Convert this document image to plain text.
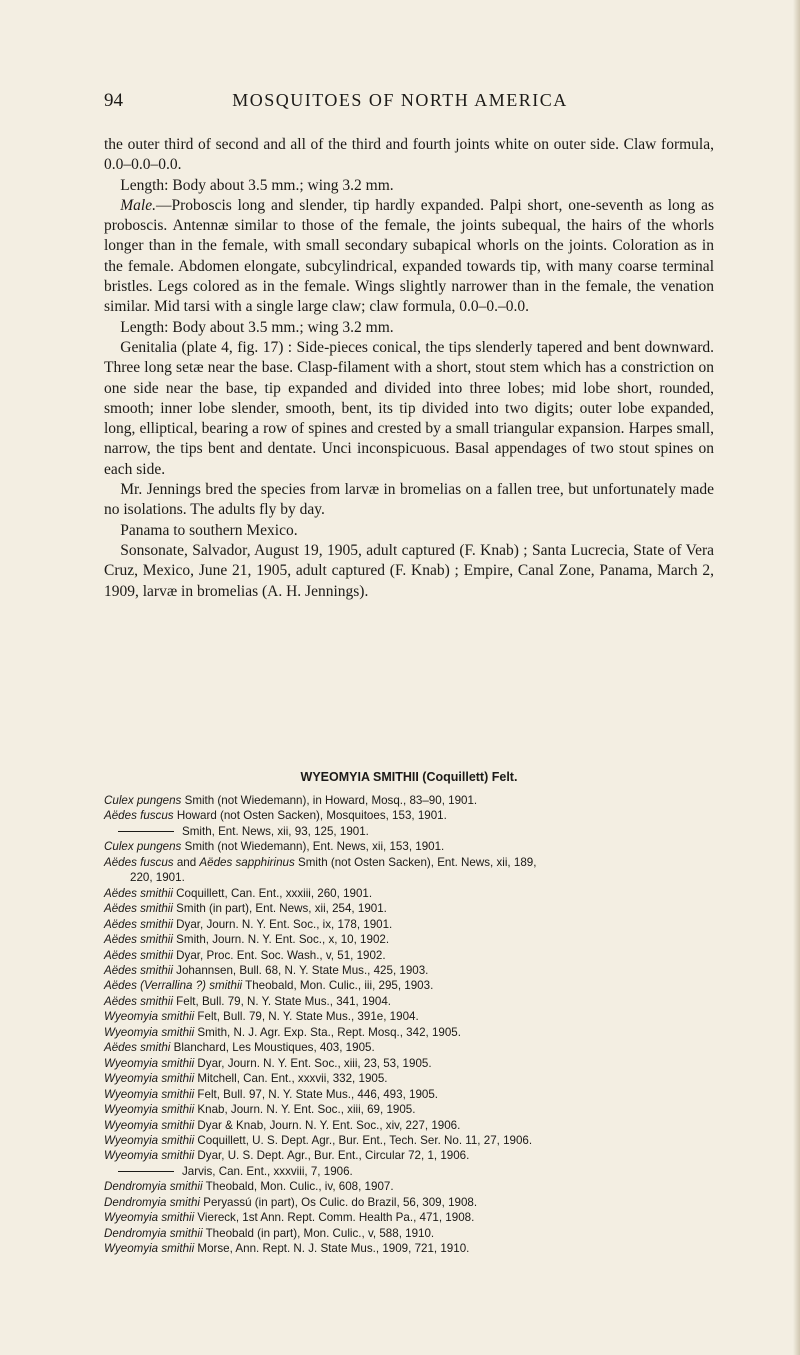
MOSQUITOES OF NORTH AMERICA
94

the outer third of second and all of the third and fourth joints white on outer side. Claw formula, 0.0–0.0–0.0.

Length: Body about 3.5 mm.; wing 3.2 mm.

Male.—Proboscis long and slender, tip hardly expanded. Palpi short, one-seventh as long as proboscis. Antennæ similar to those of the female, the joints subequal, the hairs of the whorls longer than in the female, with small secondary subapical whorls on the joints. Coloration as in the female. Abdomen elongate, subcylindrical, expanded towards tip, with many coarse terminal bristles. Legs colored as in the female. Wings slightly narrower than in the female, the venation similar. Mid tarsi with a single large claw; claw formula, 0.0–0.–0.0.

Length: Body about 3.5 mm.; wing 3.2 mm.

Genitalia (plate 4, fig. 17) : Side-pieces conical, the tips slenderly tapered and bent downward. Three long setæ near the base. Clasp-filament with a short, stout stem which has a constriction on one side near the base, tip expanded and divided into three lobes; mid lobe short, rounded, smooth; inner lobe slender, smooth, bent, its tip divided into two digits; outer lobe expanded, long, elliptical, bearing a row of spines and crested by a small triangular expansion. Harpes small, narrow, the tips bent and dentate. Unci inconspicuous. Basal appendages of two stout spines on each side.

Mr. Jennings bred the species from larvæ in bromelias on a fallen tree, but unfortunately made no isolations. The adults fly by day.

Panama to southern Mexico.

Sonsonate, Salvador, August 19, 1905, adult captured (F. Knab) ; Santa Lucrecia, State of Vera Cruz, Mexico, June 21, 1905, adult captured (F. Knab) ; Empire, Canal Zone, Panama, March 2, 1909, larvæ in bromelias (A. H. Jennings).

WYEOMYIA SMITHII (Coquillett) Felt.
Culex pungens Smith (not Wiedemann), in Howard, Mosq., 83–90, 1901.
Aëdes fuscus Howard (not Osten Sacken), Mosquitoes, 153, 1901.
Smith, Ent. News, xii, 93, 125, 1901.
Culex pungens Smith (not Wiedemann), Ent. News, xii, 153, 1901.
Aëdes fuscus and Aëdes sapphirinus Smith (not Osten Sacken), Ent. News, xii, 189,
220, 1901.
Aëdes smithii Coquillett, Can. Ent., xxxiii, 260, 1901.
Aëdes smithii Smith (in part), Ent. News, xii, 254, 1901.
Aëdes smithii Dyar, Journ. N. Y. Ent. Soc., ix, 178, 1901.
Aëdes smithii Smith, Journ. N. Y. Ent. Soc., x, 10, 1902.
Aëdes smithii Dyar, Proc. Ent. Soc. Wash., v, 51, 1902.
Aëdes smithii Johannsen, Bull. 68, N. Y. State Mus., 425, 1903.
Aëdes (Verrallina ?) smithii Theobald, Mon. Culic., iii, 295, 1903.
Aëdes smithii Felt, Bull. 79, N. Y. State Mus., 341, 1904.
Wyeomyia smithii Felt, Bull. 79, N. Y. State Mus., 391e, 1904.
Wyeomyia smithii Smith, N. J. Agr. Exp. Sta., Rept. Mosq., 342, 1905.
Aëdes smithi Blanchard, Les Moustiques, 403, 1905.
Wyeomyia smithii Dyar, Journ. N. Y. Ent. Soc., xiii, 23, 53, 1905.
Wyeomyia smithii Mitchell, Can. Ent., xxxvii, 332, 1905.
Wyeomyia smithii Felt, Bull. 97, N. Y. State Mus., 446, 493, 1905.
Wyeomyia smithii Knab, Journ. N. Y. Ent. Soc., xiii, 69, 1905.
Wyeomyia smithii Dyar & Knab, Journ. N. Y. Ent. Soc., xiv, 227, 1906.
Wyeomyia smithii Coquillett, U. S. Dept. Agr., Bur. Ent., Tech. Ser. No. 11, 27, 1906.
Wyeomyia smithii Dyar, U. S. Dept. Agr., Bur. Ent., Circular 72, 1, 1906.
Jarvis, Can. Ent., xxxviii, 7, 1906.
Dendromyia smithii Theobald, Mon. Culic., iv, 608, 1907.
Dendromyia smithi Peryassú (in part), Os Culic. do Brazil, 56, 309, 1908.
Wyeomyia smithii Viereck, 1st Ann. Rept. Comm. Health Pa., 471, 1908.
Dendromyia smithii Theobald (in part), Mon. Culic., v, 588, 1910.
Wyeomyia smithii Morse, Ann. Rept. N. J. State Mus., 1909, 721, 1910.
